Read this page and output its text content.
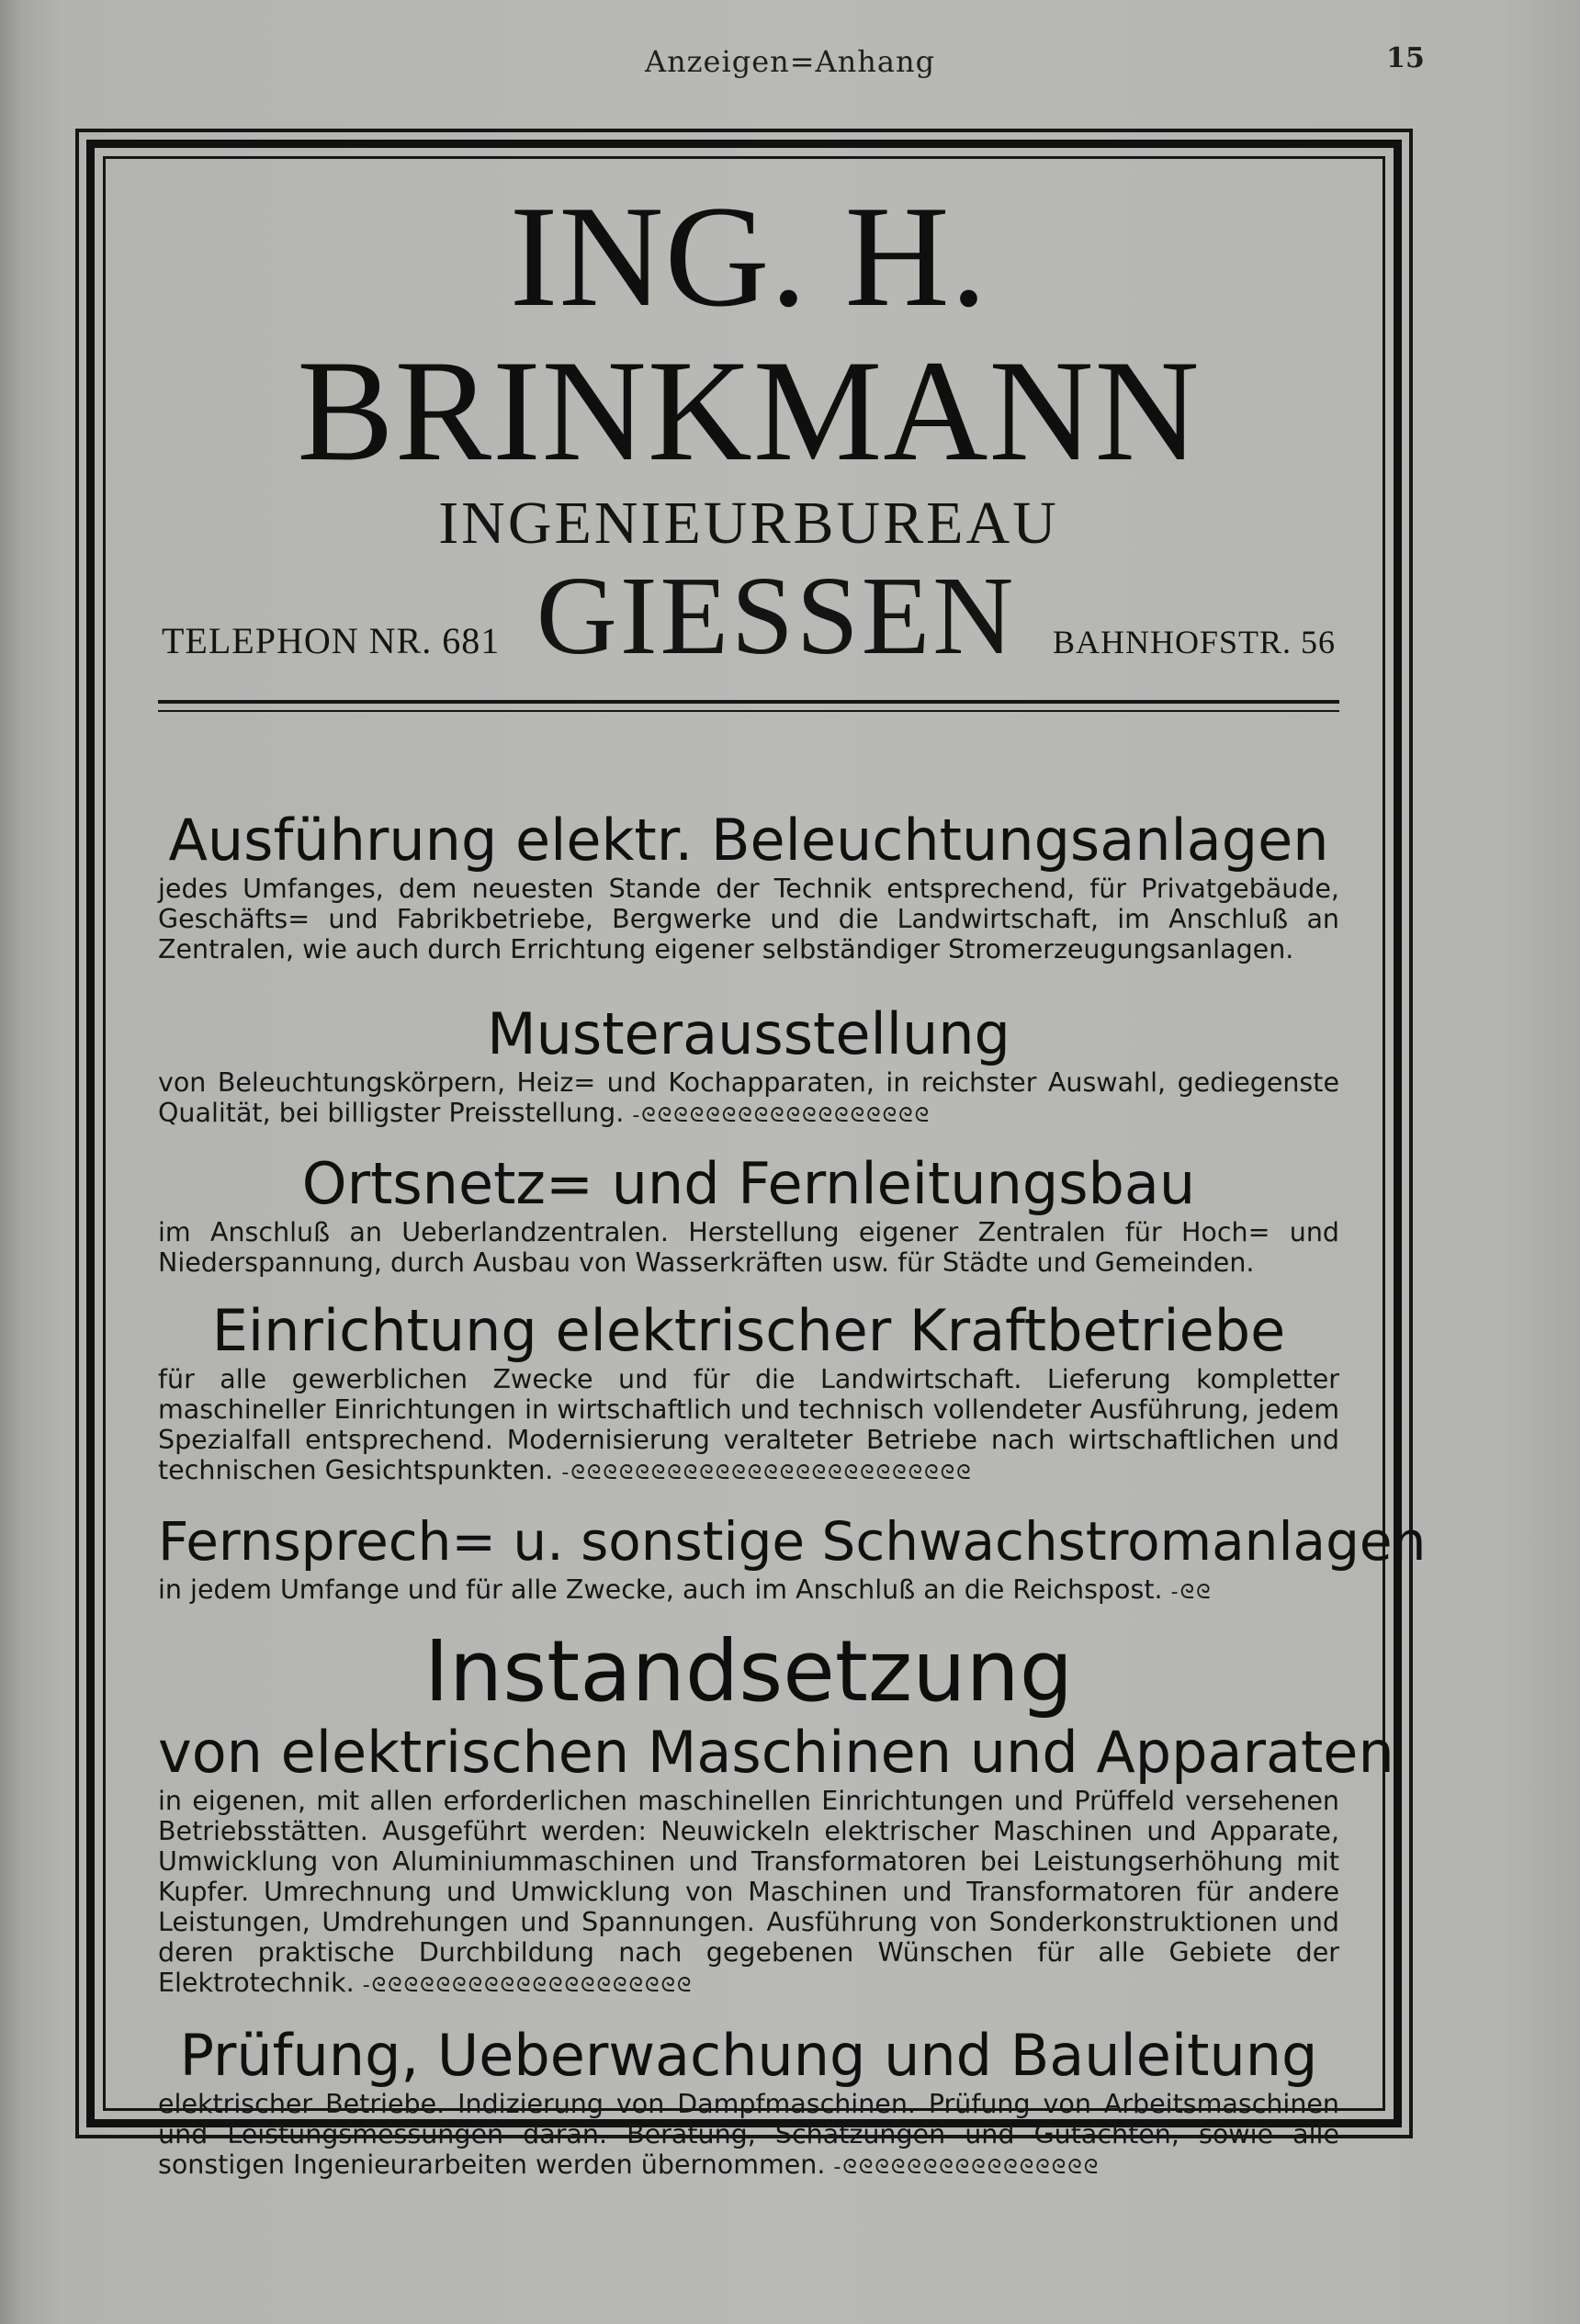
Anzeigen=Anhang	15
ING. H. BRINKMANN
INGENIEURBUREAU
TELEPHON NR. 681 GIESSEN BAHNHOFSTR. 56
Ausführung elektr. Beleuchtungsanlagen
jedes Umfanges, dem neuesten Stande der Technik entsprechend, für Privatgebäude, Geschäfts= und Fabrikbetriebe, Bergwerke und die Landwirtschaft, im Anschluß an Zentralen, wie auch durch Errichtung eigener selbständiger Stromerzeugungsanlagen.
Musterausstellung
von Beleuchtungskörpern, Heiz= und Kochapparaten, in reichster Auswahl, gediegenste Qualität, bei billigster Preisstellung. -ᘓᘓᘓᘓᘓᘓᘓᘓᘓᘓᘓᘓᘓᘓᘓᘓᘓᘓ
Ortsnetz= und Fernleitungsbau
im Anschluß an Ueberlandzentralen. Herstellung eigener Zentralen für Hoch= und Niederspannung, durch Ausbau von Wasserkräften usw. für Städte und Gemeinden.
Einrichtung elektrischer Kraftbetriebe
für alle gewerblichen Zwecke und für die Landwirtschaft. Lieferung kompletter maschineller Einrichtungen in wirtschaftlich und technisch vollendeter Ausführung, jedem Spezialfall entsprechend. Modernisierung veralteter Betriebe nach wirtschaftlichen und technischen Gesichtspunkten. -ᘓᘓᘓᘓᘓᘓᘓᘓᘓᘓᘓᘓᘓᘓᘓᘓᘓᘓᘓᘓᘓᘓᘓᘓᘓ
Fernsprech= u. sonstige Schwachstromanlagen
in jedem Umfange und für alle Zwecke, auch im Anschluß an die Reichspost. -ᘓᘓ
Instandsetzung
von elektrischen Maschinen und Apparaten
in eigenen, mit allen erforderlichen maschinellen Einrichtungen und Prüffeld versehenen Betriebsstätten. Ausgeführt werden: Neuwickeln elektrischer Maschinen und Apparate, Umwicklung von Aluminiummaschinen und Transformatoren bei Leistungserhöhung mit Kupfer. Umrechnung und Umwicklung von Maschinen und Transformatoren für andere Leistungen, Umdrehungen und Spannungen. Ausführung von Sonderkonstruktionen und deren praktische Durchbildung nach gegebenen Wünschen für alle Gebiete der Elektrotechnik. -ᘓᘓᘓᘓᘓᘓᘓᘓᘓᘓᘓᘓᘓᘓᘓᘓᘓᘓᘓᘓ
Prüfung, Ueberwachung und Bauleitung
elektrischer Betriebe. Indizierung von Dampfmaschinen. Prüfung von Arbeitsmaschinen und Leistungsmessungen daran. Beratung, Schätzungen und Gutachten, sowie alle sonstigen Ingenieurarbeiten werden übernommen. -ᘓᘓᘓᘓᘓᘓᘓᘓᘓᘓᘓᘓᘓᘓᘓᘓ
